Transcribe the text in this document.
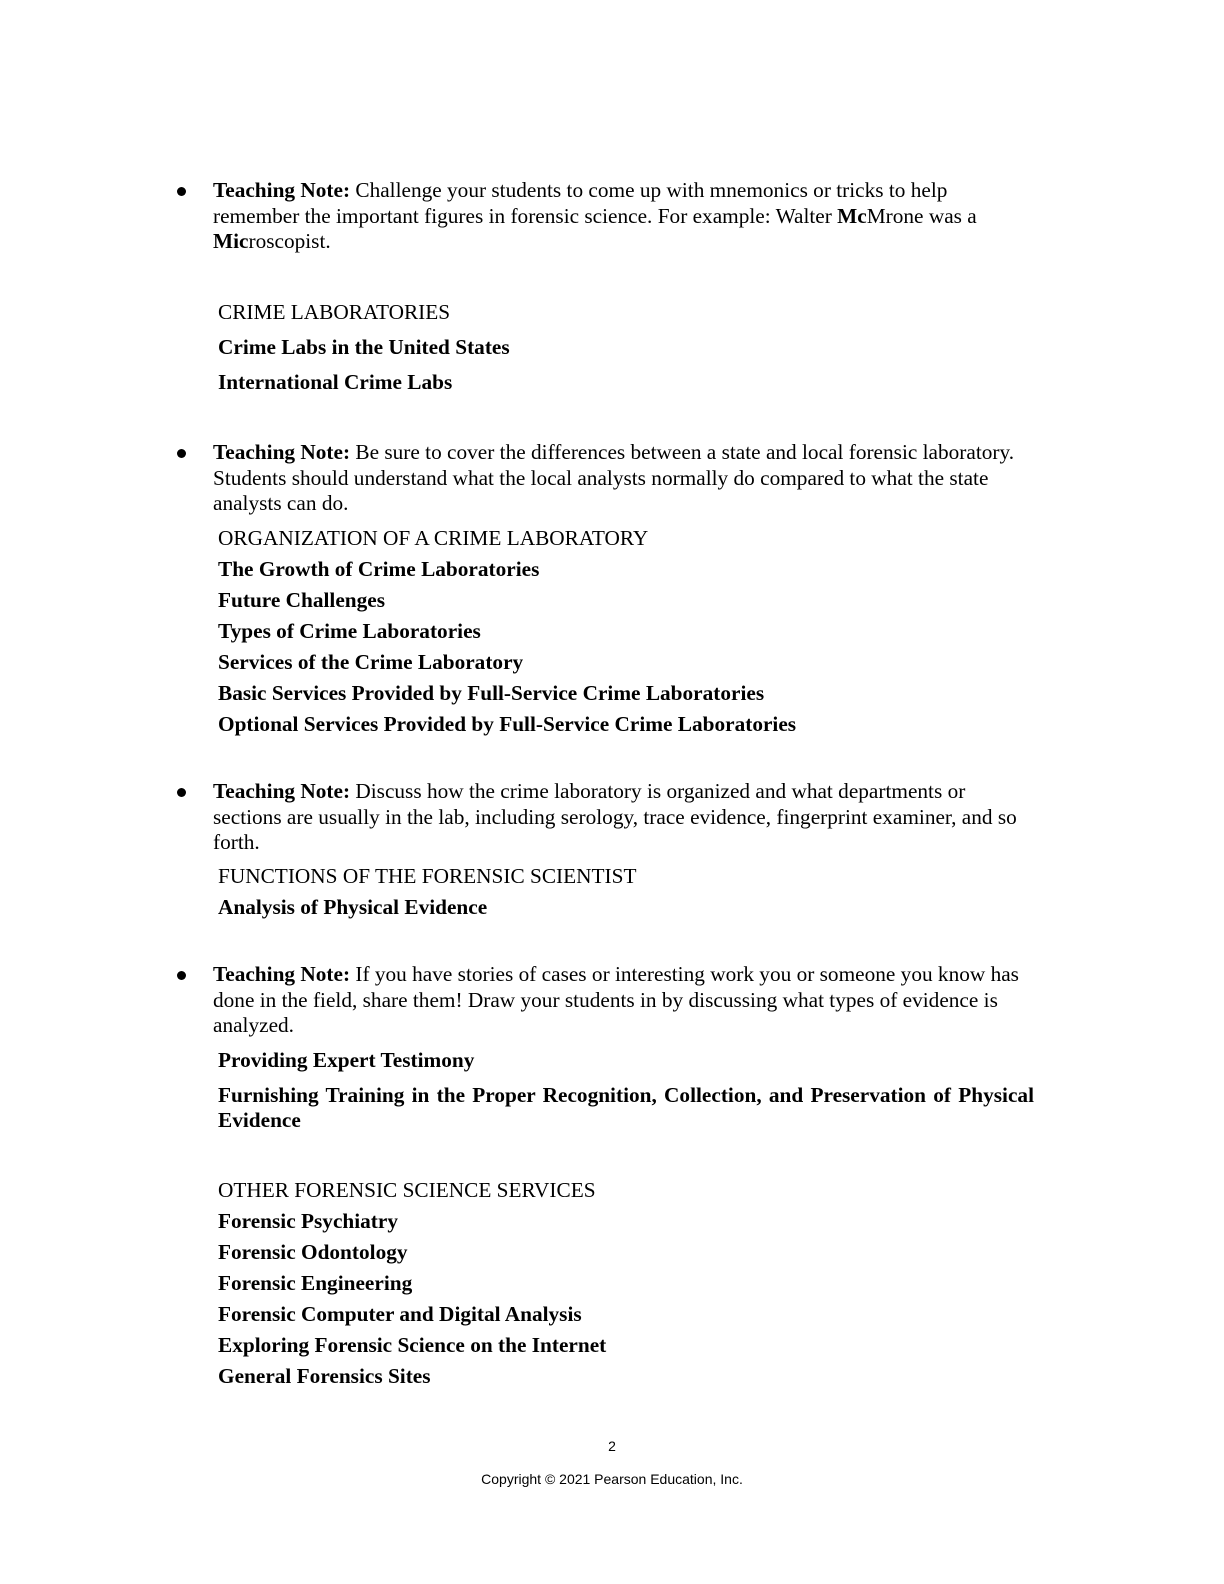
Teaching Note: Challenge your students to come up with mnemonics or tricks to help remember the important figures in forensic science. For example: Walter McMrone was a Microscopist.
CRIME LABORATORIES
Crime Labs in the United States
International Crime Labs
Teaching Note: Be sure to cover the differences between a state and local forensic laboratory. Students should understand what the local analysts normally do compared to what the state analysts can do.
ORGANIZATION OF A CRIME LABORATORY
The Growth of Crime Laboratories
Future Challenges
Types of Crime Laboratories
Services of the Crime Laboratory
Basic Services Provided by Full-Service Crime Laboratories
Optional Services Provided by Full-Service Crime Laboratories
Teaching Note: Discuss how the crime laboratory is organized and what departments or sections are usually in the lab, including serology, trace evidence, fingerprint examiner, and so forth.
FUNCTIONS OF THE FORENSIC SCIENTIST
Analysis of Physical Evidence
Teaching Note: If you have stories of cases or interesting work you or someone you know has done in the field, share them! Draw your students in by discussing what types of evidence is analyzed.
Providing Expert Testimony
Furnishing Training in the Proper Recognition, Collection, and Preservation of Physical Evidence
OTHER FORENSIC SCIENCE SERVICES
Forensic Psychiatry
Forensic Odontology
Forensic Engineering
Forensic Computer and Digital Analysis
Exploring Forensic Science on the Internet
General Forensics Sites
2
Copyright © 2021 Pearson Education, Inc.
